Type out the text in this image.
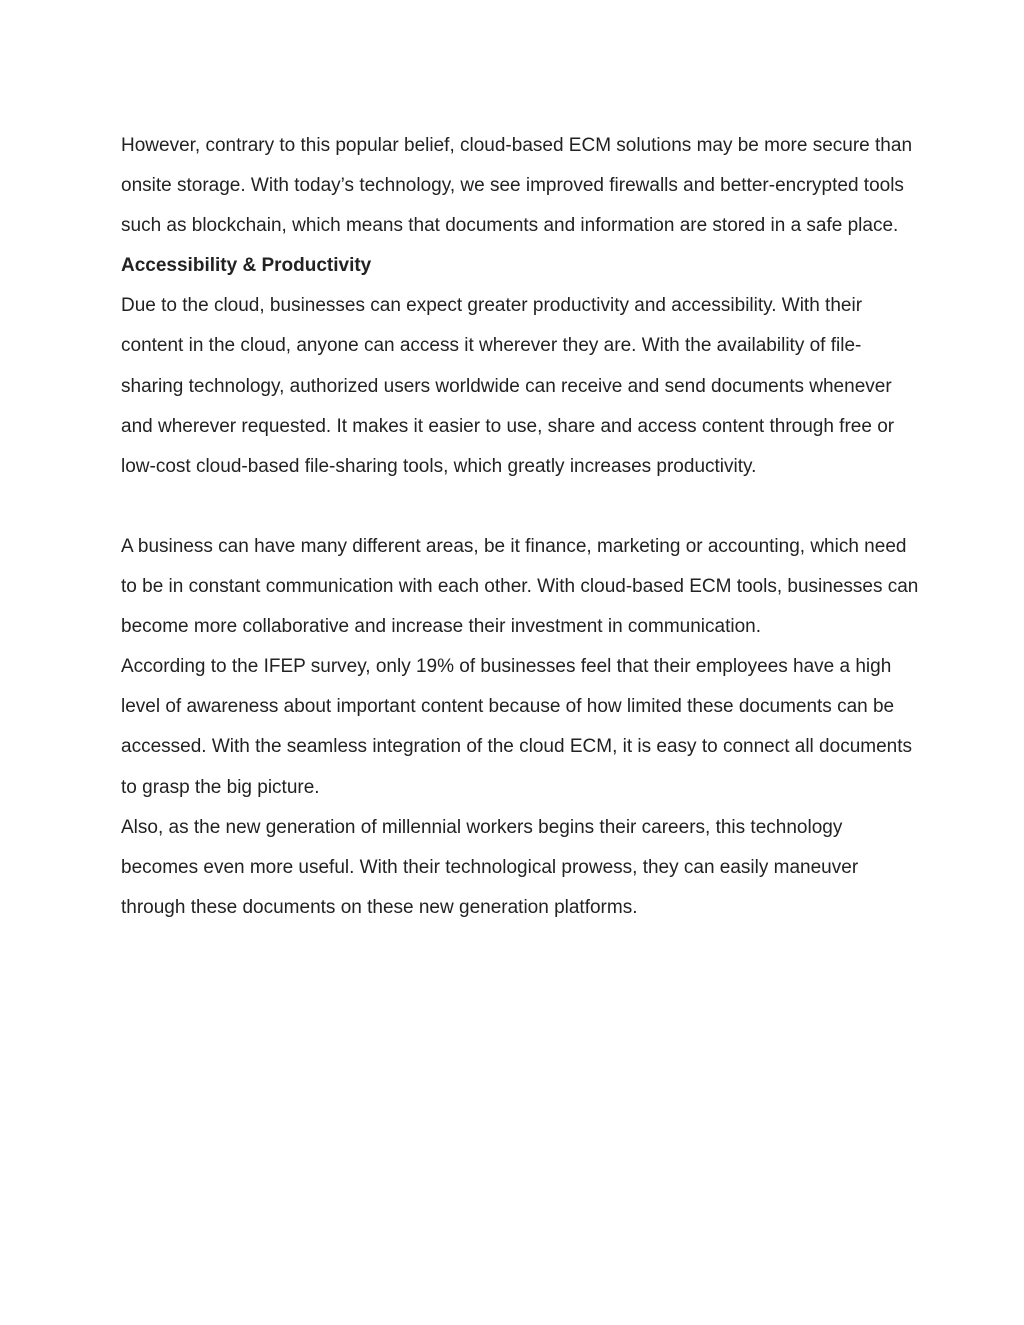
However, contrary to this popular belief, cloud-based ECM solutions may be more secure than onsite storage. With today’s technology, we see improved firewalls and better-encrypted tools such as blockchain, which means that documents and information are stored in a safe place.

Accessibility & Productivity

Due to the cloud, businesses can expect greater productivity and accessibility. With their content in the cloud, anyone can access it wherever they are. With the availability of file-sharing technology, authorized users worldwide can receive and send documents whenever and wherever requested. It makes it easier to use, share and access content through free or low-cost cloud-based file-sharing tools, which greatly increases productivity.

A business can have many different areas, be it finance, marketing or accounting, which need to be in constant communication with each other. With cloud-based ECM tools, businesses can become more collaborative and increase their investment in communication.

According to the IFEP survey, only 19% of businesses feel that their employees have a high level of awareness about important content because of how limited these documents can be accessed. With the seamless integration of the cloud ECM, it is easy to connect all documents to grasp the big picture.

Also, as the new generation of millennial workers begins their careers, this technology becomes even more useful. With their technological prowess, they can easily maneuver through these documents on these new generation platforms.
